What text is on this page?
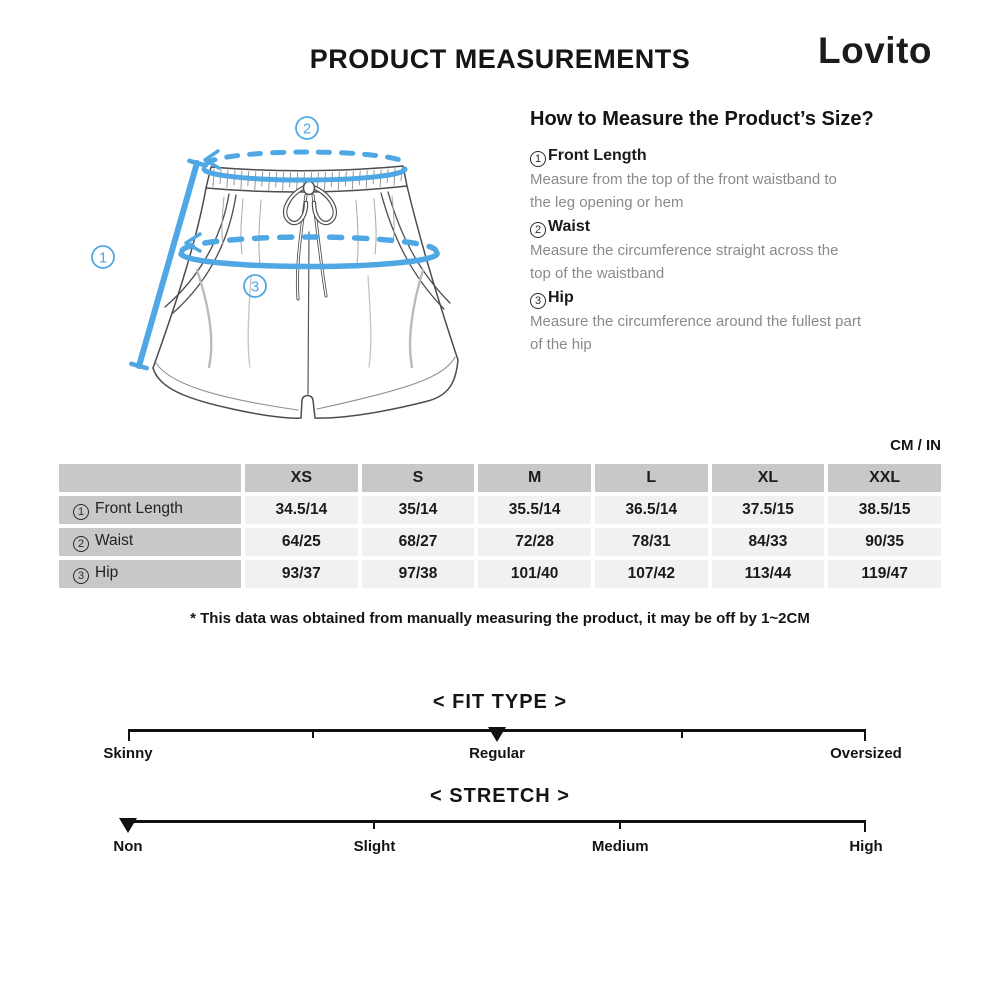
PRODUCT MEASUREMENTS	Lovito
2
1
3
How to Measure the Product’s Size?
1 Front Length
Measure from the top of the front waistband to
the leg opening or hem
2 Waist
Measure the circumference straight across the
top of the waistband
3 Hip
Measure the circumference around the fullest part
of the hip
CM / IN
	XS	S	M	L	XL	XXL
1 Front Length	34.5/14	35/14	35.5/14	36.5/14	37.5/15	38.5/15
2 Waist	64/25	68/27	72/28	78/31	84/33	90/35
3 Hip	93/37	97/38	101/40	107/42	113/44	119/47

* This data was obtained from manually measuring the product, it may be off by 1~2CM

< FIT TYPE >
Skinny	Regular	Oversized
< STRETCH >
Non	Slight	Medium	High
